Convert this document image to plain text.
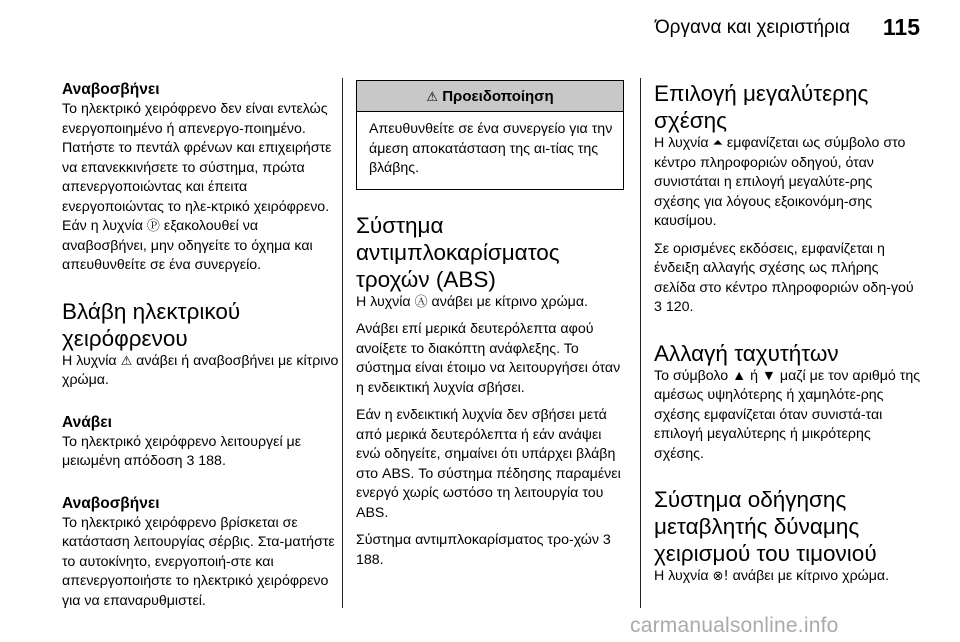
Όργανα και χειριστήρια 115
Αναβοσβήνει

Το ηλεκτρικό χειρόφρενο δεν είναι εντελώς ενεργοποιημένο ή απενεργο‑ποιημένο. Πατήστε το πεντάλ φρένων και επιχειρήστε να επανεκκινήσετε το σύστημα, πρώτα απενεργοποιώντας και έπειτα ενεργοποιώντας το ηλε‑κτρικό χειρόφρενο. Εάν η λυχνία Ⓟ εξακολουθεί να αναβοσβήνει, μην οδηγείτε το όχημα και απευθυνθείτε σε ένα συνεργείο.

Βλάβη ηλεκτρικού χειρόφρενου

Η λυχνία ⚠ ανάβει ή αναβοσβήνει με κίτρινο χρώμα.

Ανάβει

Το ηλεκτρικό χειρόφρενο λειτουργεί με μειωμένη απόδοση 3 188.

Αναβοσβήνει

Το ηλεκτρικό χειρόφρενο βρίσκεται σε κατάσταση λειτουργίας σέρβις. Στα‑ματήστε το αυτοκίνητο, ενεργοποιή‑στε και απενεργοποιήστε το ηλεκτρικό χειρόφρενο για να επαναρυθμιστεί.

⚠ Προειδοποίηση
Απευθυνθείτε σε ένα συνεργείο για την άμεση αποκατάσταση της αι‑τίας της βλάβης.
Σύστημα αντιμπλοκαρίσματος τροχών (ABS)

Η λυχνία Ⓐ ανάβει με κίτρινο χρώμα.

Ανάβει επί μερικά δευτερόλεπτα αφού ανοίξετε το διακόπτη ανάφλεξης. Το σύστημα είναι έτοιμο να λειτουργήσει όταν η ενδεικτική λυχνία σβήσει.

Εάν η ενδεικτική λυχνία δεν σβήσει μετά από μερικά δευτερόλεπτα ή εάν ανάψει ενώ οδηγείτε, σημαίνει ότι υπάρχει βλάβη στο ABS. Το σύστημα πέδησης παραμένει ενεργό χωρίς ωστόσο τη λειτουργία του ABS.

Σύστημα αντιμπλοκαρίσματος τρο‑χών 3 188.

Επιλογή μεγαλύτερης σχέσης

Η λυχνία ⏶ εμφανίζεται ως σύμβολο στο κέντρο πληροφοριών οδηγού, όταν συνιστάται η επιλογή μεγαλύτε‑ρης σχέσης για λόγους εξοικονόμη‑σης καυσίμου.

Σε ορισμένες εκδόσεις, εμφανίζεται η ένδειξη αλλαγής σχέσης ως πλήρης σελίδα στο κέντρο πληροφοριών οδη‑γού 3 120.

Αλλαγή ταχυτήτων

Το σύμβολο ▲ ή ▼ μαζί με τον αριθμό της αμέσως υψηλότερης ή χαμηλότε‑ρης σχέσης εμφανίζεται όταν συνιστά‑ται επιλογή μεγαλύτερης ή μικρότερης σχέσης.

Σύστημα οδήγησης μεταβλητής δύναμης χειρισμού του τιμονιού

Η λυχνία ⊗! ανάβει με κίτρινο χρώμα.

carmanualsonline.info
